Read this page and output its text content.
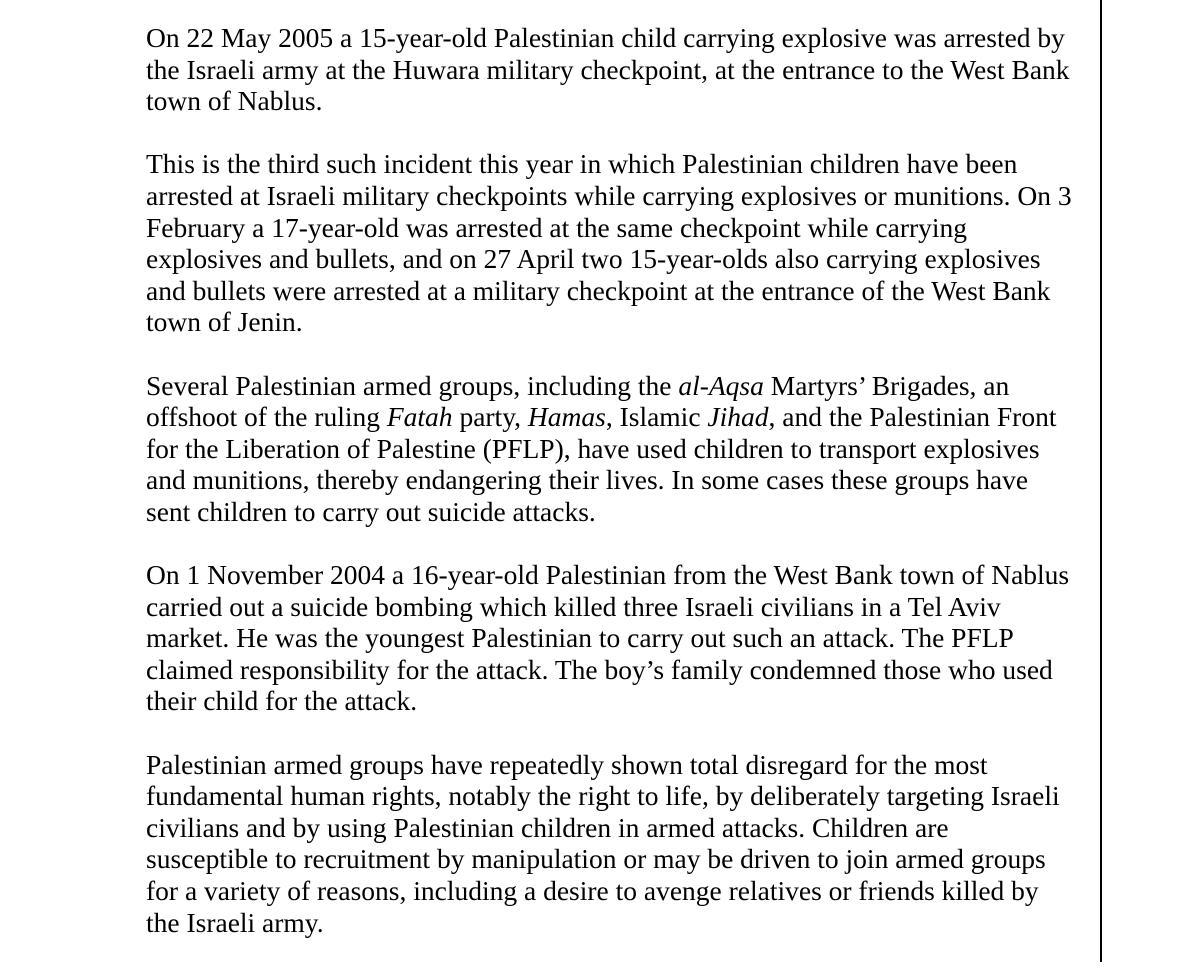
On 22 May 2005 a 15-year-old Palestinian child carrying explosive was arrested by the Israeli army at the Huwara military checkpoint, at the entrance to the West Bank town of Nablus.

This is the third such incident this year in which Palestinian children have been arrested at Israeli military checkpoints while carrying explosives or munitions. On 3 February a 17-year-old was arrested at the same checkpoint while carrying explosives and bullets, and on 27 April two 15-year-olds also carrying explosives and bullets were arrested at a military checkpoint at the entrance of the West Bank town of Jenin.

Several Palestinian armed groups, including the al-Aqsa Martyrs’ Brigades, an offshoot of the ruling Fatah party, Hamas, Islamic Jihad, and the Palestinian Front for the Liberation of Palestine (PFLP), have used children to transport explosives and munitions, thereby endangering their lives. In some cases these groups have sent children to carry out suicide attacks.

On 1 November 2004 a 16-year-old Palestinian from the West Bank town of Nablus carried out a suicide bombing which killed three Israeli civilians in a Tel Aviv market. He was the youngest Palestinian to carry out such an attack. The PFLP claimed responsibility for the attack. The boy’s family condemned those who used their child for the attack.

Palestinian armed groups have repeatedly shown total disregard for the most fundamental human rights, notably the right to life, by deliberately targeting Israeli civilians and by using Palestinian children in armed attacks. Children are susceptible to recruitment by manipulation or may be driven to join armed groups for a variety of reasons, including a desire to avenge relatives or friends killed by the Israeli army.
